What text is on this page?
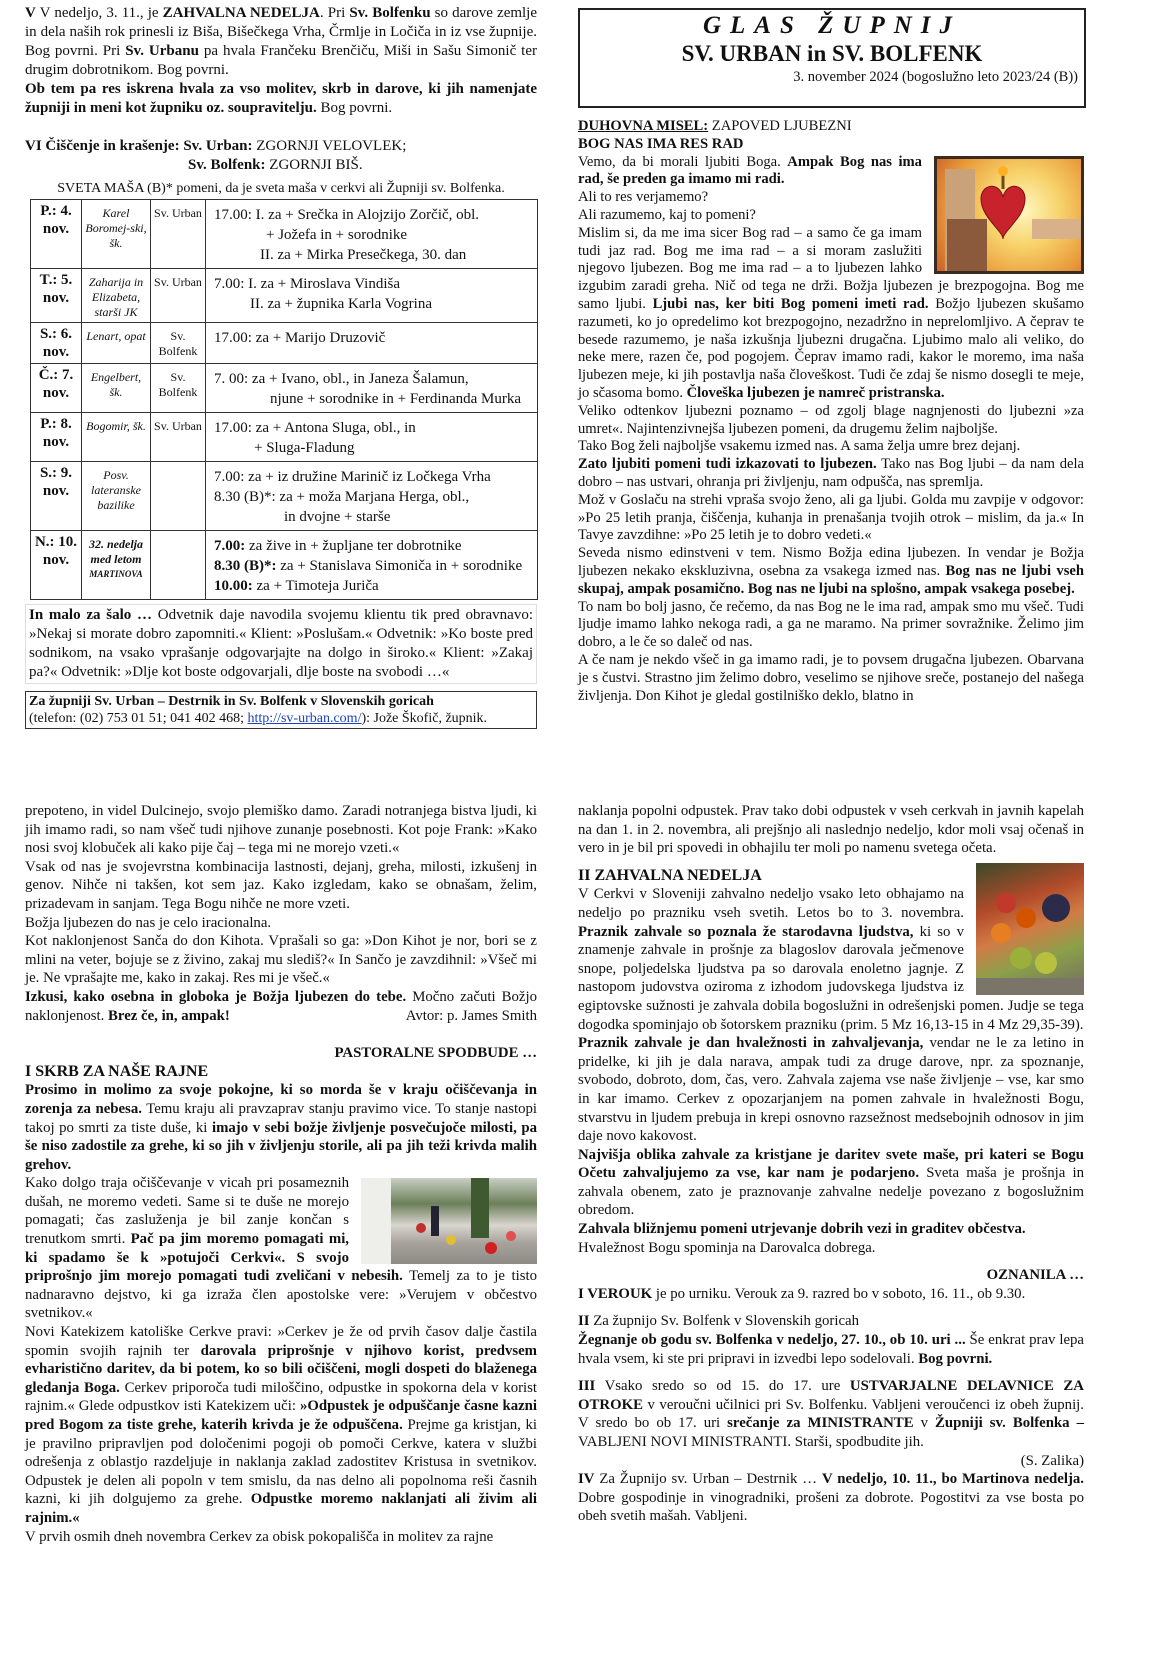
GLAS ŽUPNIJ
SV. URBAN in SV. BOLFENK
3. november 2024 (bogoslužno leto 2023/24 (B))

V V nedeljo, 3. 11., je ZAHVALNA NEDELJA. Pri Sv. Bolfenku so darove zemlje in dela naših rok prinesli iz Biša, Bišečkega Vrha, Črmlje in Ločiča in iz vse župnije. Bog povrni. Pri Sv. Urbanu pa hvala Frančeku Brenčiču, Miši in Sašu Simonič ter drugim dobrotnikom. Bog povrni.

Ob tem pa res iskrena hvala za vso molitev, skrb in darove, ki jih namenjate župniji in meni kot župniku oz. soupravitelju. Bog povrni.

VI Čiščenje in krašenje: Sv. Urban: ZGORNJI VELOVLEK;

Sv. Bolfenk: ZGORNJI BIŠ.

SVETA MAŠA (B)* pomeni, da je sveta maša v cerkvi ali Župniji sv. Bolfenka.
P.: 4. nov.	Karel Boromej-ski, šk.	Sv. Urban	17.00: I. za + Srečka in Alojzijo Zorčič, obl.
+ Jožefa in + sorodnike
II. za + Mirka Presečkega, 30. dan

T.: 5. nov.	Zaharija in Elizabeta, starši JK	Sv. Urban	7.00: I. za + Miroslava Vindiša
II. za + župnika Karla Vogrina

S.: 6. nov.	Lenart, opat	Sv. Bolfenk	17.00: za + Marijo Druzovič

Č.: 7. nov.	Engelbert, šk.	Sv. Bolfenk	7. 00: za + Ivano, obl., in Janeza Šalamun,
njune + sorodnike in + Ferdinanda Murka

P.: 8. nov.	Bogomir, šk.	Sv. Urban	17.00: za + Antona Sluga, obl., in
+ Sluga-Fladung

S.: 9. nov.	Posv. lateranske bazilike		7.00: za + iz družine Marinič iz Ločkega Vrha
8.30 (B)*: za + moža Marjana Herga, obl.,
in dvojne + starše

N.: 10. nov.	32. nedelja med letom
MARTINOVA		7.00: za žive in + župljane ter dobrotnike
8.30 (B)*: za + Stanislava Simoniča in + sorodnike
10.00: za + Timoteja Juriča

In malo za šalo … Odvetnik daje navodila svojemu klientu tik pred obravnavo: »Nekaj si morate dobro zapomniti.« Klient: »Poslušam.« Odvetnik: »Ko boste pred sodnikom, na vsako vprašanje odgovarjajte na dolgo in široko.« Klient: »Zakaj pa?« Odvetnik: »Dlje kot boste odgovarjali, dlje boste na svobodi …«

Za župniji Sv. Urban – Destrnik in Sv. Bolfenk v Slovenskih goricah
(telefon: (02) 753 01 51; 041 402 468; http://sv-urban.com/): Jože Škofič, župnik.

DUHOVNA MISEL: ZAPOVED LJUBEZNI

BOG NAS IMA RES RAD

Vemo, da bi morali ljubiti Boga. Ampak Bog nas ima rad, še preden ga imamo mi radi.

Ali to res verjamemo?

Ali razumemo, kaj to pomeni?

Mislim si, da me ima sicer Bog rad – a samo če ga imam tudi jaz rad. Bog me ima rad – a si moram zaslužiti njegovo ljubezen. Bog me ima rad – a to ljubezen lahko izgubim zaradi greha. Nič od tega ne drži. Božja ljubezen je brezpogojna. Bog me samo ljubi. Ljubi nas, ker biti Bog pomeni imeti rad. Božjo ljubezen skušamo razumeti, ko jo opredelimo kot brezpogojno, nezadržno in neprelomljivo. A čeprav te besede razumemo, je naša izkušnja ljubezni drugačna. Ljubimo malo ali veliko, do neke mere, razen če, pod pogojem. Čeprav imamo radi, kakor le moremo, ima naša ljubezen meje, ki jih postavlja naša človeškost. Tudi če zdaj še nismo dosegli te meje, jo sčasoma bomo. Človeška ljubezen je namreč pristranska.

Veliko odtenkov ljubezni poznamo – od zgolj blage nagnjenosti do ljubezni »za umret«. Najintenzivnejša ljubezen pomeni, da drugemu želim najboljše.

Tako Bog želi najboljše vsakemu izmed nas. A sama želja umre brez dejanj.

Zato ljubiti pomeni tudi izkazovati to ljubezen. Tako nas Bog ljubi – da nam dela dobro – nas ustvari, ohranja pri življenju, nam odpušča, nas spremlja.

Mož v Goslaču na strehi vpraša svojo ženo, ali ga ljubi. Golda mu zavpije v odgovor: »Po 25 letih pranja, čiščenja, kuhanja in prenašanja tvojih otrok – mislim, da ja.« In Tavye zavzdihne: »Po 25 letih je to dobro vedeti.«

Seveda nismo edinstveni v tem. Nismo Božja edina ljubezen. In vendar je Božja ljubezen nekako ekskluzivna, osebna za vsakega izmed nas. Bog nas ne ljubi vseh skupaj, ampak posamično. Bog nas ne ljubi na splošno, ampak vsakega posebej.

To nam bo bolj jasno, če rečemo, da nas Bog ne le ima rad, ampak smo mu všeč. Tudi ljudje imamo lahko nekoga radi, a ga ne maramo. Na primer sovražnike. Želimo jim dobro, a le če so daleč od nas.

A če nam je nekdo všeč in ga imamo radi, je to povsem drugačna ljubezen. Obarvana je s čustvi. Strastno jim želimo dobro, veselimo se njihove sreče, postanejo del našega življenja. Don Kihot je gledal gostilniško deklo, blatno in

prepoteno, in videl Dulcinejo, svojo plemiško damo. Zaradi notranjega bistva ljudi, ki jih imamo radi, so nam všeč tudi njihove zunanje posebnosti. Kot poje Frank: »Kako nosi svoj klobuček ali kako pije čaj – tega mi ne morejo vzeti.«

Vsak od nas je svojevrstna kombinacija lastnosti, dejanj, greha, milosti, izkušenj in genov. Nihče ni takšen, kot sem jaz. Kako izgledam, kako se obnašam, želim, prizadevam in sanjam. Tega Bogu nihče ne more vzeti.

Božja ljubezen do nas je celo iracionalna.

Kot naklonjenost Sanča do don Kihota. Vprašali so ga: »Don Kihot je nor, bori se z mlini na veter, bojuje se z živino, zakaj mu slediš?« In Sančo je zavzdihnil: »Všeč mi je. Ne vprašajte me, kako in zakaj. Res mi je všeč.«

Izkusi, kako osebna in globoka je Božja ljubezen do tebe. Močno začuti Božjo naklonjenost. Brez če, in, ampak!	Avtor: p. James Smith

PASTORALNE SPODBUDE …

I SKRB ZA NAŠE RAJNE

Prosimo in molimo za svoje pokojne, ki so morda še v kraju očiščevanja in zorenja za nebesa. Temu kraju ali pravzaprav stanju pravimo vice. To stanje nastopi takoj po smrti za tiste duše, ki imajo v sebi božje življenje posvečujoče milosti, pa še niso zadostile za grehe, ki so jih v življenju storile, ali pa jih teži krivda malih grehov.

Kako dolgo traja očiščevanje v vicah pri posameznih dušah, ne moremo vedeti. Same si te duše ne morejo pomagati; čas zasluženja je bil zanje končan s trenutkom smrti. Pač pa jim moremo pomagati mi, ki spadamo še k »potujoči Cerkvi«. S svojo priprošnjo jim morejo pomagati tudi zveličani v nebesih. Temelj za to je tisto nadnaravno dejstvo, ki ga izraža člen apostolske vere: »Verujem v občestvo svetnikov.«

Novi Katekizem katoliške Cerkve pravi: »Cerkev je že od prvih časov dalje častila spomin svojih rajnih ter darovala priprošnje v njihovo korist, predvsem evharistično daritev, da bi potem, ko so bili očiščeni, mogli dospeti do blaženega gledanja Boga. Cerkev priporoča tudi miloščino, odpustke in spokorna dela v korist rajnim.« Glede odpustkov isti Katekizem uči: »Odpustek je odpuščanje časne kazni pred Bogom za tiste grehe, katerih krivda je že odpuščena. Prejme ga kristjan, ki je pravilno pripravljen pod določenimi pogoji ob pomoči Cerkve, katera v službi odrešenja z oblastjo razdeljuje in naklanja zaklad zadostitev Kristusa in svetnikov. Odpustek je delen ali popoln v tem smislu, da nas delno ali popolnoma reši časnih kazni, ki jih dolgujemo za grehe. Odpustke moremo naklanjati ali živim ali rajnim.«

V prvih osmih dneh novembra Cerkev za obisk pokopališča in molitev za rajne

naklanja popolni odpustek. Prav tako dobi odpustek v vseh cerkvah in javnih kapelah na dan 1. in 2. novembra, ali prejšnjo ali naslednjo nedeljo, kdor moli vsaj očenaš in vero in je bil pri spovedi in obhajilu ter moli po namenu svetega očeta.

II ZAHVALNA NEDELJA

V Cerkvi v Sloveniji zahvalno nedeljo vsako leto obhajamo na nedeljo po prazniku vseh svetih. Letos bo to 3. novembra. Praznik zahvale so poznala že starodavna ljudstva, ki so v znamenje zahvale in prošnje za blagoslov darovala ječmenove snope, poljedelska ljudstva pa so darovala enoletno jagnje. Z nastopom judovstva oziroma z izhodom judovskega ljudstva iz egiptovske sužnosti je zahvala dobila bogoslužni in odrešenjski pomen. Judje se tega dogodka spominjajo ob šotorskem prazniku (prim. 5 Mz 16,13-15 in 4 Mz 29,35-39).

Praznik zahvale je dan hvaležnosti in zahvaljevanja, vendar ne le za letino in pridelke, ki jih je dala narava, ampak tudi za druge darove, npr. za spoznanje, svobodo, dobroto, dom, čas, vero. Zahvala zajema vse naše življenje – vse, kar smo in kar imamo. Cerkev z opozarjanjem na pomen zahvale in hvaležnosti Bogu, stvarstvu in ljudem prebuja in krepi osnovno razsežnost medsebojnih odnosov in jim daje novo kakovost.

Najvišja oblika zahvale za kristjane je daritev svete maše, pri kateri se Bogu Očetu zahvaljujemo za vse, kar nam je podarjeno. Sveta maša je prošnja in zahvala obenem, zato je praznovanje zahvalne nedelje povezano z bogoslužnim obredom.

Zahvala bližnjemu pomeni utrjevanje dobrih vezi in graditev občestva.

Hvaležnost Bogu spominja na Darovalca dobrega.

OZNANILA …

I VEROUK je po urniku. Verouk za 9. razred bo v soboto, 16. 11., ob 9.30.

II Za župnijo Sv. Bolfenk v Slovenskih goricah

Žegnanje ob godu sv. Bolfenka v nedeljo, 27. 10., ob 10. uri ... Še enkrat prav lepa hvala vsem, ki ste pri pripravi in izvedbi lepo sodelovali. Bog povrni.

III Vsako sredo so od 15. do 17. ure USTVARJALNE DELAVNICE ZA OTROKE v veroučni učilnici pri Sv. Bolfenku. Vabljeni veroučenci iz obeh župnij. V sredo bo ob 17. uri srečanje za MINISTRANTE v Župniji sv. Bolfenka – VABLJENI NOVI MINISTRANTI. Starši, spodbudite jih.

(S. Zalika)

IV Za Župnijo sv. Urban – Destrnik … V nedeljo, 10. 11., bo Martinova nedelja. Dobre gospodinje in vinogradniki, prošeni za dobrote. Pogostitvi za vse bosta po obeh svetih mašah. Vabljeni.
